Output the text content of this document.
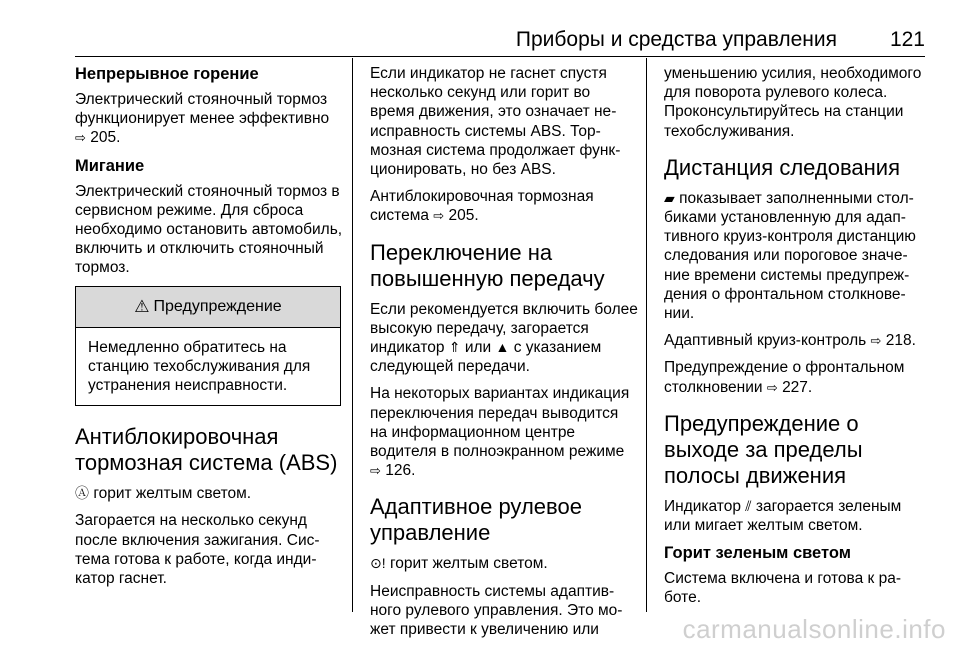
Приборы и средства управления	121
Непрерывное горение

Электрический стояночный тормоз функционирует менее эффективно ⇨ 205.

Мигание

Электрический стояночный тормоз в сервисном режиме. Для сброса необходимо остановить автомобиль, включить и отключить стояночный тормоз.

⚠ Предупреждение
Немедленно обратитесь на станцию техобслуживания для устранения неисправности.
Антиблокировочная тормозная система (ABS)

Ⓐ горит желтым светом.

Загорается на несколько секунд после включения зажигания. Система готова к работе, когда индикатор гаснет.

Если индикатор не гаснет спустя несколько секунд или горит во время движения, это означает неисправность системы ABS. Тормозная система продолжает функционировать, но без ABS.

Антиблокировочная тормозная система ⇨ 205.

Переключение на повышенную передачу

Если рекомендуется включить более высокую передачу, загорается индикатор ⇑ или ▲ с указанием следующей передачи.

На некоторых вариантах индикация переключения передач выводится на информационном центре водителя в полноэкранном режиме ⇨ 126.

Адаптивное рулевое управление

⊙! горит желтым светом.

Неисправность системы адаптивного рулевого управления. Это может привести к увеличению или

уменьшению усилия, необходимого для поворота рулевого колеса. Проконсультируйтесь на станции техобслуживания.

Дистанция следования

▰ показывает заполненными столбиками установленную для адаптивного круиз-контроля дистанцию следования или пороговое значение времени системы предупреждения о фронтальном столкновении.

Адаптивный круиз-контроль ⇨ 218.

Предупреждение о фронтальном столкновении ⇨ 227.

Предупреждение о выходе за пределы полосы движения

Индикатор ⫽ загорается зеленым или мигает желтым светом.

Горит зеленым светом

Система включена и готова к работе.

carmanualsonline.info
